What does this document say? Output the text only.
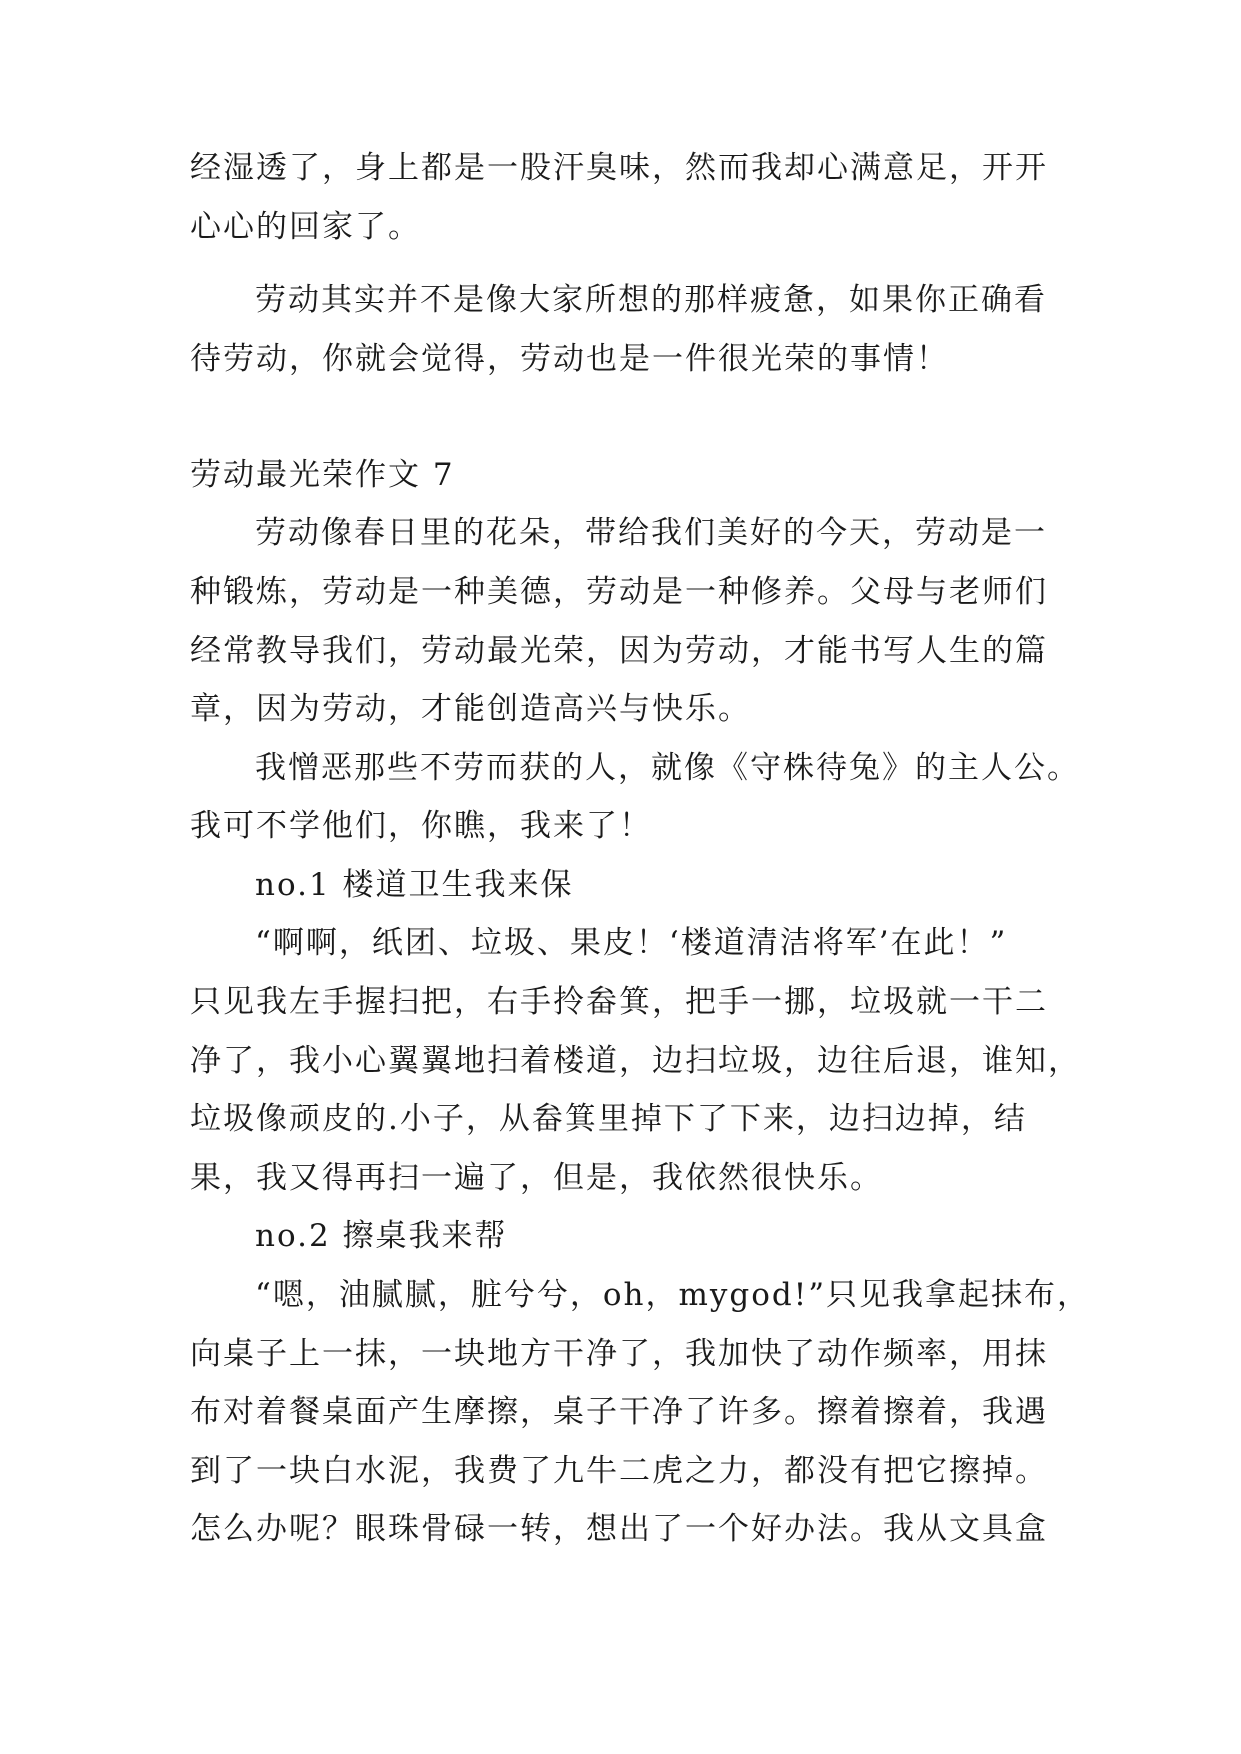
经湿透了，身上都是一股汗臭味，然而我却心满意足，开开
心心的回家了。
劳动其实并不是像大家所想的那样疲惫，如果你正确看
待劳动，你就会觉得，劳动也是一件很光荣的事情！
劳动最光荣作文 7
劳动像春日里的花朵，带给我们美好的今天，劳动是一
种锻炼，劳动是一种美德，劳动是一种修养。父母与老师们
经常教导我们，劳动最光荣，因为劳动，才能书写人生的篇
章，因为劳动，才能创造高兴与快乐。
我憎恶那些不劳而获的人，就像《守株待兔》的主人公。
我可不学他们，你瞧，我来了！
no.1 楼道卫生我来保
“啊啊，纸团、垃圾、果皮！‘楼道清洁将军’在此！”
只见我左手握扫把，右手拎畚箕，把手一挪，垃圾就一干二
净了，我小心翼翼地扫着楼道，边扫垃圾，边往后退，谁知，
垃圾像顽皮的.小子，从畚箕里掉下了下来，边扫边掉，结
果，我又得再扫一遍了，但是，我依然很快乐。
no.2 擦桌我来帮
“嗯，油腻腻，脏兮兮，oh，mygod!”只见我拿起抹布，
向桌子上一抹，一块地方干净了，我加快了动作频率，用抹
布对着餐桌面产生摩擦，桌子干净了许多。擦着擦着，我遇
到了一块白水泥，我费了九牛二虎之力，都没有把它擦掉。
怎么办呢？眼珠骨碌一转，想出了一个好办法。我从文具盒
